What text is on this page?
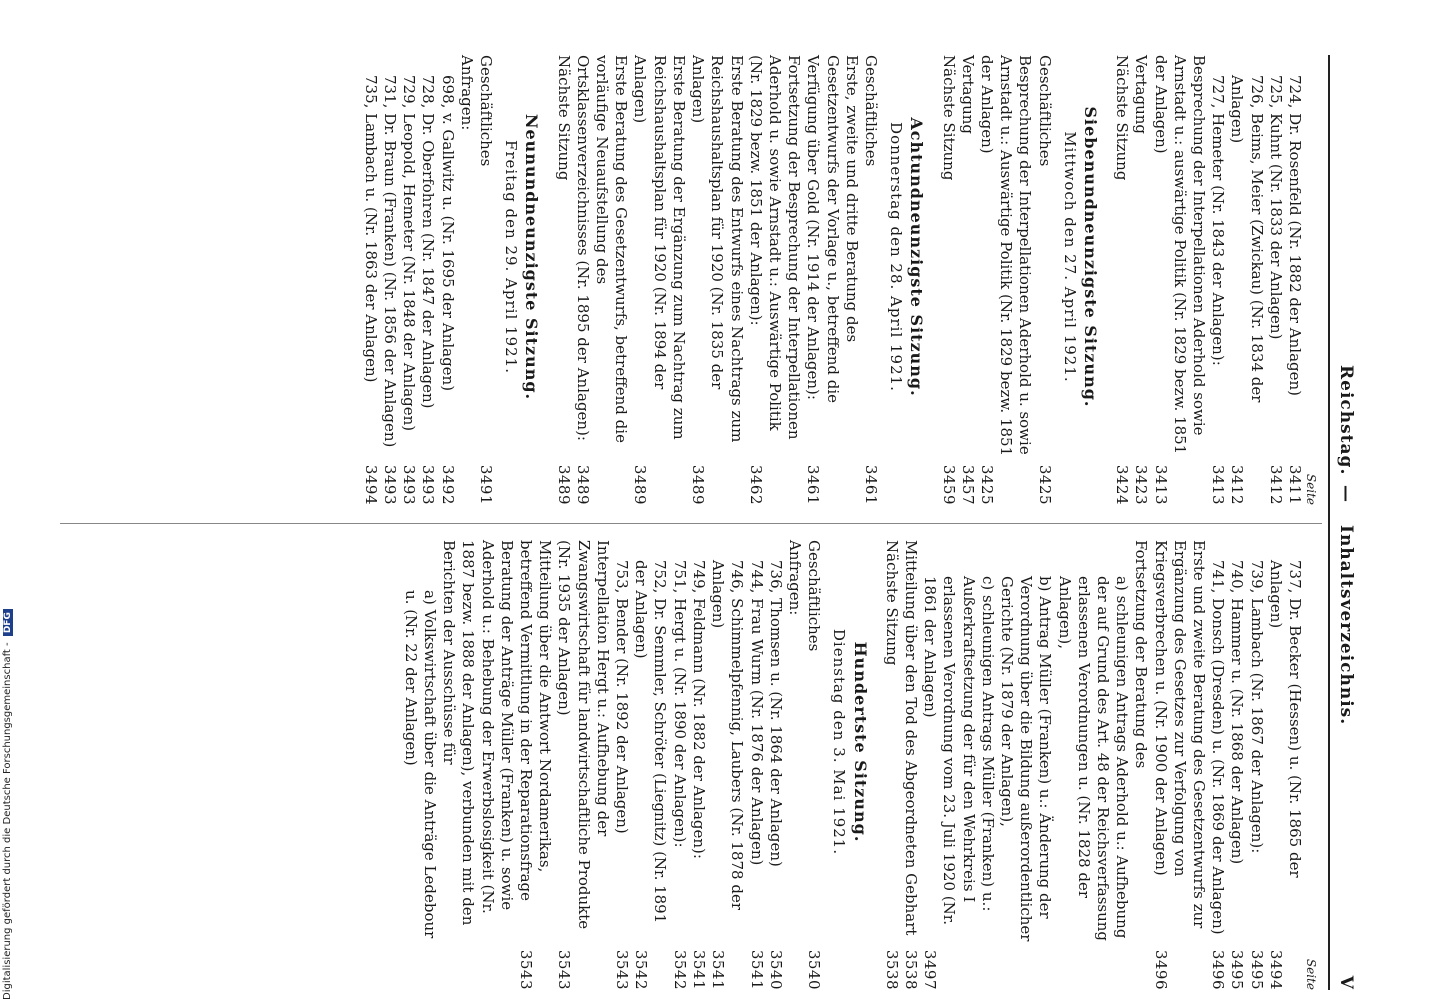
Reichstag.
—
Inhaltsverzeichnis.
V
Seite
724, Dr. Rosenfeld (Nr. 1882 der Anlagen)
3411
725, Kuhnt (Nr. 1833 der Anlagen)
3412
726, Beims, Meier (Zwickau) (Nr. 1834 der Anlagen)
3412
727, Hemeter (Nr. 1843 der Anlagen):
3413
Besprechung der Interpellationen Aderhold sowie Arnstadt u.: auswärtige Politik (Nr. 1829 bezw. 1851 der Anlagen)
3413
Vertagung
3423
Nächste Sitzung
3424
Siebenundneunzigste Sitzung.
Mittwoch den 27. April 1921.
Geschäftliches
3425
Besprechung der Interpellationen Aderhold u. sowie Arnstadt u.: Auswärtige Politik (Nr. 1829 bezw. 1851 der Anlagen)
3425
Vertagung
3457
Nächste Sitzung
3459
Achtundneunzigste Sitzung.
Donnerstag den 28. April 1921.
Geschäftliches
3461
Erste, zweite und dritte Beratung des Gesetzentwurfs der Vorlage u., betreffend die Verfügung über Gold (Nr. 1914 der Anlagen):
3461
Fortsetzung der Besprechung der Interpellationen Aderhold u. sowie Arnstadt u.: Auswärtige Politik (Nr. 1829 bezw. 1851 der Anlagen):
3462
Erste Beratung des Entwurfs eines Nachtrags zum Reichshaushaltsplan für 1920 (Nr. 1835 der Anlagen)
3489
Erste Beratung der Ergänzung zum Nachtrag zum Reichshaushaltsplan für 1920 (Nr. 1894 der Anlagen)
3489
Erste Beratung des Gesetzentwurfs, betreffend die vorläufige Neuaufstellung des Ortsklassenverzeichnisses (Nr. 1895 der Anlagen):
3489
Nächste Sitzung
3489
Neunundneunzigste Sitzung.
Freitag den 29. April 1921.
Geschäftliches
3491
Anfragen:
698, v. Gallwitz u. (Nr. 1695 der Anlagen)
3492
728, Dr. Oberfohren (Nr. 1847 der Anlagen)
3493
729, Leopold, Hemeter (Nr. 1848 der Anlagen)
3493
731, Dr. Braun (Franken) (Nr. 1856 der Anlagen)
3493
735, Lambach u. (Nr. 1863 der Anlagen)
3494
Seite
737, Dr. Becker (Hessen) u. (Nr. 1865 der Anlagen)
3494
739, Lambach (Nr. 1867 der Anlagen):
3495
740, Hammer u. (Nr. 1868 der Anlagen)
3495
741, Donsch (Dresden) u. (Nr. 1869 der Anlagen)
3496
Erste und zweite Beratung des Gesetzentwurfs zur Ergänzung des Gesetzes zur Verfolgung von Kriegsverbrechen u. (Nr. 1900 der Anlagen)
3496
Fortsetzung der Beratung des
a) schleunigen Antrags Aderhold u.: Aufhebung der auf Grund des Art. 48 der Reichsverfassung erlassenen Verordnungen u. (Nr. 1828 der Anlagen),
b) Antrag Müller (Franken) u.: Änderung der Verordnung über die Bildung außerordentlicher Gerichte (Nr. 1879 der Anlagen),
c) schleunigen Antrags Müller (Franken) u.: Außerkraftsetzung der für den Wehrkreis I erlassenen Verordnung vom 23. Juli 1920 (Nr. 1861 der Anlagen)
3497
Mitteilung über den Tod des Abgeordneten Gebhart
3538
Nächste Sitzung
3538
Hundertste Sitzung.
Dienstag den 3. Mai 1921.
Geschäftliches
3540
Anfragen:
736, Thomsen u. (Nr. 1864 der Anlagen)
3540
744, Frau Wurm (Nr. 1876 der Anlagen)
3541
746, Schimmelpfennig, Laubers (Nr. 1878 der Anlagen)
3541
749, Feldmann (Nr. 1882 der Anlagen):
3541
751, Hergt u. (Nr. 1890 der Anlagen):
3542
752, Dr. Semmler, Schröter (Liegnitz) (Nr. 1891 der Anlagen)
3542
753, Bender (Nr. 1892 der Anlagen)
3543
Interpellation Hergt u.: Aufhebung der Zwangswirtschaft für landwirtschaftliche Produkte (Nr. 1935 der Anlagen)
3543
Mitteilung über die Antwort Nordamerikas, betreffend Vermittlung in der Reparationsfrage
3543
Beratung der Anträge Müller (Franken) u. sowie Aderhold u.: Behebung der Erwerbslosigkeit (Nr. 1887 bezw. 1888 der Anlagen), verbunden mit den Berichten der Ausschüsse für
a) Volkswirtschaft über die Anträge Ledebour u. (Nr. 22 der Anlagen)
Digitalisierung gefördert durch die Deutsche Forschungsgemeinschaft - DFG
